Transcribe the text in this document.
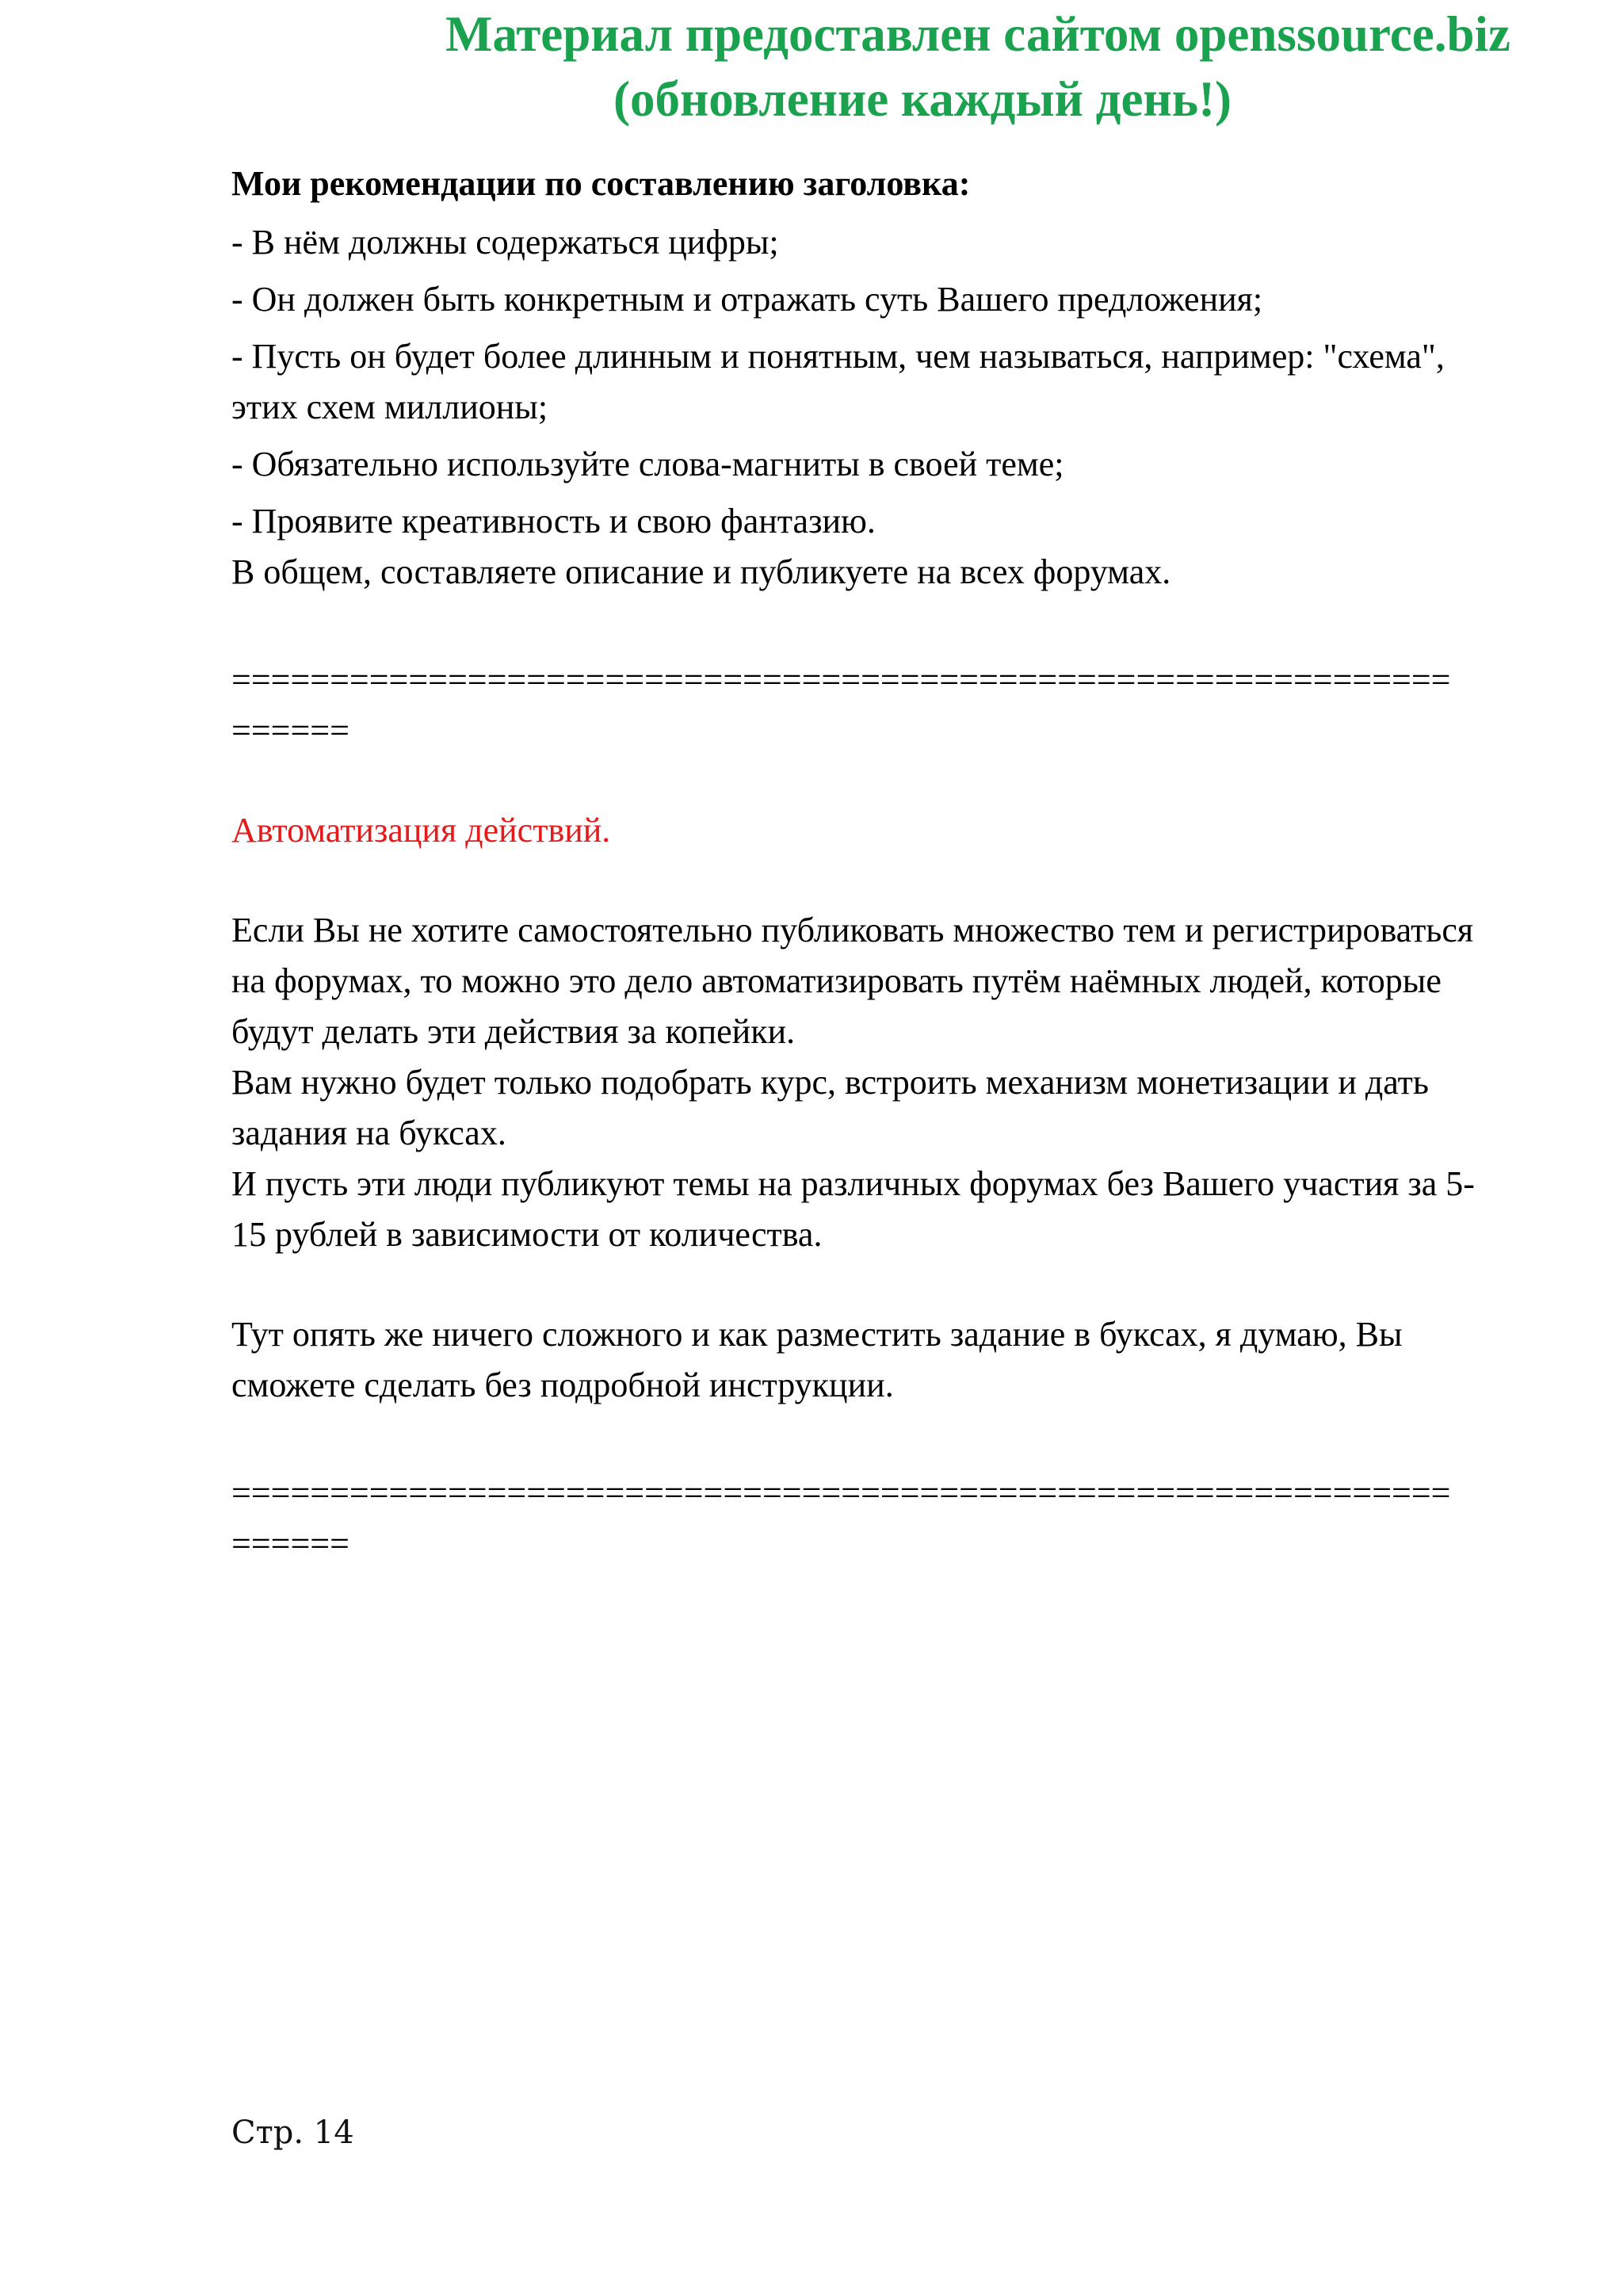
Материал предоставлен сайтом openssource.biz
(обновление каждый день!)

Мои рекомендации по составлению заголовка:

- В нём должны содержаться цифры;

- Он должен быть конкретным и отражать суть Вашего предложения;

- Пусть он будет более длинным и понятным, чем называться, например: "схема", этих схем миллионы;

- Обязательно используйте слова-магниты в своей теме;

- Проявите креативность и свою фантазию.

В общем, составляете описание и публикуете на всех форумах.

==============================================================

======

Автоматизация действий.

Если Вы не хотите самостоятельно публиковать множество тем и регистрироваться на форумах, то можно это дело автоматизировать путём наёмных людей, которые будут делать эти действия за копейки.

Вам нужно будет только подобрать курс, встроить механизм монетизации и дать задания на буксах.

И пусть эти люди публикуют темы на различных форумах без Вашего участия за 5-15 рублей в зависимости от количества.

Тут опять же ничего сложного и как разместить задание в буксах, я думаю, Вы сможете сделать без подробной инструкции.

==============================================================

======

Стр. 14
